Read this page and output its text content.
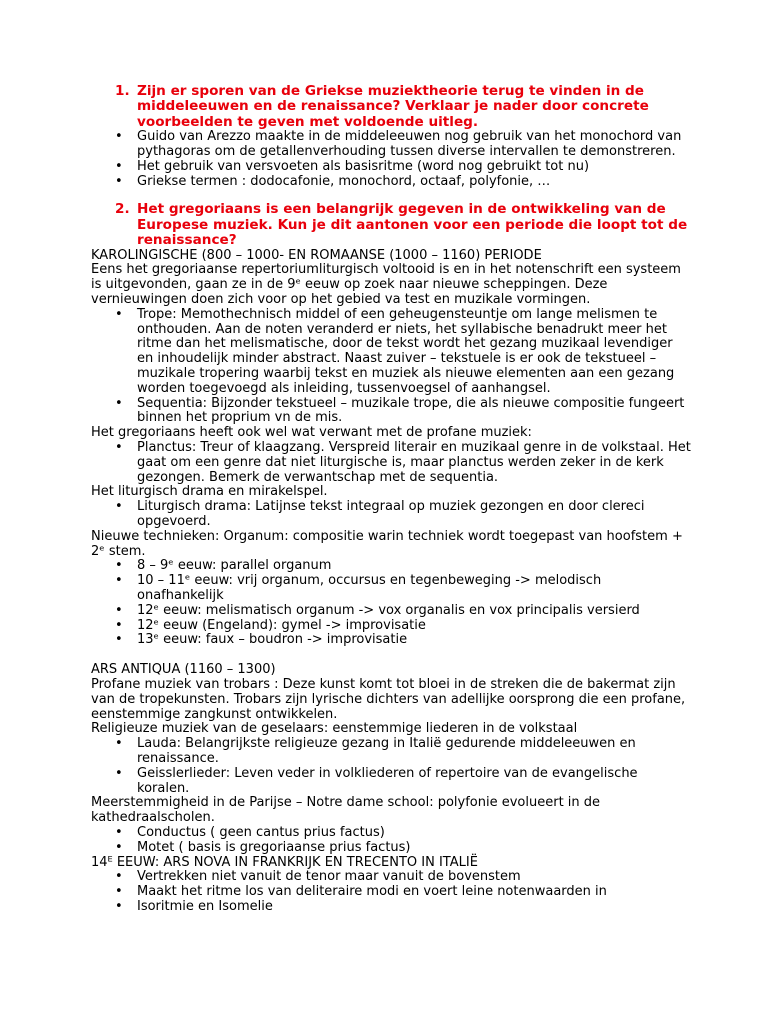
1. Zijn er sporen van de Griekse muziektheorie terug te vinden in de middeleeuwen en de renaissance? Verklaar je nader door concrete voorbeelden te geven met voldoende uitleg.
• Guido van Arezzo maakte in de middeleeuwen nog gebruik van het monochord van pythagoras om de getallenverhouding tussen diverse intervallen te demonstreren.
• Het gebruik van versvoeten als basisritme (word nog gebruikt tot nu)
• Griekse termen : dodocafonie, monochord, octaaf, polyfonie, …
2. Het gregoriaans is een belangrijk gegeven in de ontwikkeling van de Europese muziek. Kun je dit aantonen voor een periode die loopt tot de renaissance?

KAROLINGISCHE (800 – 1000- EN ROMAANSE (1000 – 1160) PERIODE

Eens het gregoriaanse repertoriumliturgisch voltooid is en in het notenschrift een systeem is uitgevonden, gaan ze in de 9ᵉ eeuw op zoek naar nieuwe scheppingen. Deze vernieuwingen doen zich voor op het gebied va test en muzikale vormingen.

• Trope: Memothechnisch middel of een geheugensteuntje om lange melismen te onthouden. Aan de noten veranderd er niets, het syllabische benadrukt meer het ritme dan het melismatische, door de tekst wordt het gezang muzikaal levendiger en inhoudelijk minder abstract. Naast zuiver – tekstuele is er ook de tekstueel – muzikale tropering waarbij tekst en muziek als nieuwe elementen aan een gezang worden toegevoegd als inleiding, tussenvoegsel of aanhangsel.
• Sequentia: Bijzonder tekstueel – muzikale trope, die als nieuwe compositie fungeert binnen het proprium vn de mis.

Het gregoriaans heeft ook wel wat verwant met de profane muziek:

• Planctus: Treur of klaagzang. Verspreid literair en muzikaal genre in de volkstaal. Het gaat om een genre dat niet liturgische is, maar planctus werden zeker in de kerk gezongen. Bemerk de verwantschap met de sequentia.

Het liturgisch drama en mirakelspel.

• Liturgisch drama: Latijnse tekst integraal op muziek gezongen en door clereci opgevoerd.

Nieuwe technieken: Organum: compositie warin techniek wordt toegepast van hoofstem + 2ᵉ stem.

• 8 – 9ᵉ eeuw: parallel organum
• 10 – 11ᵉ eeuw: vrij organum, occursus en tegenbeweging -> melodisch onafhankelijk
• 12ᵉ eeuw: melismatisch organum -> vox organalis en vox principalis versierd
• 12ᵉ eeuw (Engeland): gymel -> improvisatie
• 13ᵉ eeuw: faux – boudron -> improvisatie

ARS ANTIQUA (1160 – 1300)

Profane muziek van trobars : Deze kunst komt tot bloei in de streken die de bakermat zijn van de tropekunsten. Trobars zijn lyrische dichters van adellijke oorsprong die een profane, eenstemmige zangkunst ontwikkelen.

Religieuze muziek van de geselaars: eenstemmige liederen in de volkstaal

• Lauda: Belangrijkste religieuze gezang in Italië gedurende middeleeuwen en renaissance.
• Geisslerlieder: Leven veder in volkliederen of repertoire van de evangelische koralen.

Meerstemmigheid in de Parijse – Notre dame school: polyfonie evolueert in de kathedraalscholen.

• Conductus ( geen cantus prius factus)
• Motet ( basis is gregoriaanse prius factus)

14ᴱ EEUW: ARS NOVA IN FRANKRIJK EN TRECENTO IN ITALIË

• Vertrekken niet vanuit de tenor maar vanuit de bovenstem
• Maakt het ritme los van deliteraire modi en voert leine notenwaarden in
• Isoritmie en Isomelie
